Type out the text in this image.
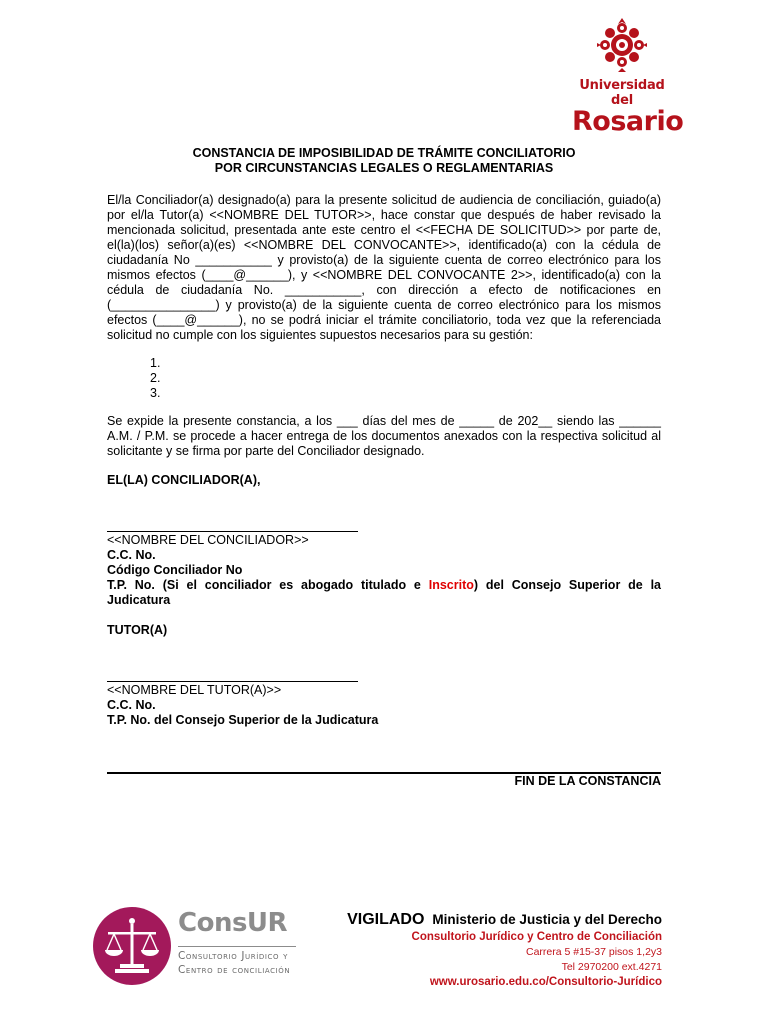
Universidad del
Rosario
CONSTANCIA DE IMPOSIBILIDAD DE TRÁMITE CONCILIATORIO
POR CIRCUNSTANCIAS LEGALES O REGLAMENTARIAS
El/la Conciliador(a) designado(a) para la presente solicitud de audiencia de conciliación, guiado(a) por el/la Tutor(a) <<NOMBRE DEL TUTOR>>, hace constar que después de haber revisado la mencionada solicitud, presentada ante este centro el <<FECHA DE SOLICITUD>> por parte de, el(la)(los) señor(a)(es) <<NOMBRE DEL CONVOCANTE>>, identificado(a) con la cédula de ciudadanía No ___________ y provisto(a) de la siguiente cuenta de correo electrónico para los mismos efectos (____@______), y <<NOMBRE DEL CONVOCANTE 2>>, identificado(a) con la cédula de ciudadanía No. ___________, con dirección a efecto de notificaciones en (_______________) y provisto(a) de la siguiente cuenta de correo electrónico para los mismos efectos (____@______), no se podrá iniciar el trámite conciliatorio, toda vez que la referenciada solicitud no cumple con los siguientes supuestos necesarios para su gestión:
1.
2.
3.
Se expide la presente constancia, a los ___ días del mes de _____ de 202__ siendo las ______ A.M. / P.M. se procede a hacer entrega de los documentos anexados con la respectiva solicitud al solicitante y se firma por parte del Conciliador designado.
EL(LA) CONCILIADOR(A),
<<NOMBRE DEL CONCILIADOR>>
C.C. No.
Código Conciliador No
T.P. No. (Si el conciliador es abogado titulado e Inscrito) del Consejo Superior de la Judicatura
TUTOR(A)
<<NOMBRE DEL TUTOR(A)>>
C.C. No.
T.P. No. del Consejo Superior de la Judicatura
FIN DE LA CONSTANCIA
ConsUR
Consultorio Jurídico y
Centro de conciliación
VIGILADO Ministerio de Justicia y del Derecho
Consultorio Jurídico y Centro de Conciliación
Carrera 5 #15-37 pisos 1,2y3
Tel 2970200 ext.4271
www.urosario.edu.co/Consultorio-Jurídico
